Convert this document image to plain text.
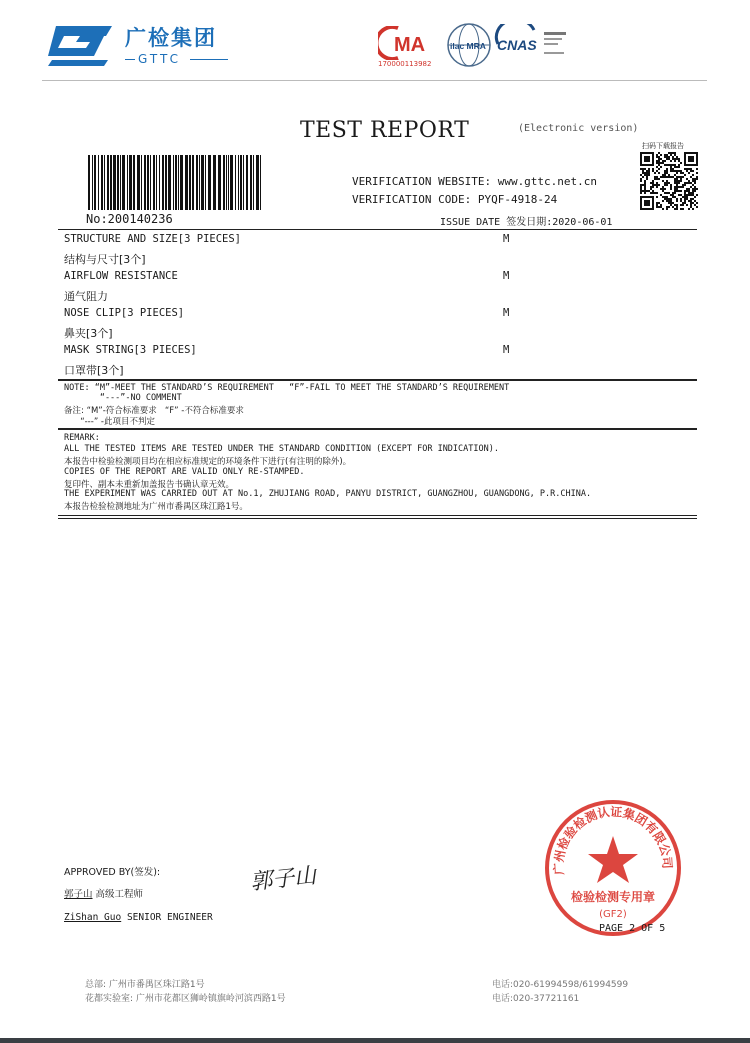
广检集团
GTTC
MA
170000113982
ilac MRA CNAS
TEST REPORT	(Electronic version)
扫码下载报告
No:200140236
VERIFICATION WEBSITE: www.gttc.net.cn
VERIFICATION CODE: PYQF-4918-24
ISSUE DATE 签发日期:2020-06-01
STRUCTURE AND SIZE[3 PIECES]	M
结构与尺寸[3个]
AIRFLOW RESISTANCE	M
通气阻力
NOSE CLIP[3 PIECES]	M
鼻夹[3个]
MASK STRING[3 PIECES]	M
口罩带[3个]
NOTE: “M”-MEET THE STANDARD’S REQUIREMENT   “F”-FAIL TO MEET THE STANDARD’S REQUIREMENT
“---”-NO COMMENT
备注: “M”-符合标准要求   “F” -不符合标准要求
“---” -此项目不判定
REMARK:
ALL THE TESTED ITEMS ARE TESTED UNDER THE STANDARD CONDITION (EXCEPT FOR INDICATION).
本报告中检验检测项目均在相应标准规定的环境条件下进行(有注明的除外)。
COPIES OF THE REPORT ARE VALID ONLY RE-STAMPED.
复印件、副本未重新加盖报告书确认章无效。
THE EXPERIMENT WAS CARRIED OUT AT No.1, ZHUJIANG ROAD, PANYU DISTRICT, GUANGZHOU, GUANGDONG, P.R.CHINA.
本报告检验检测地址为广州市番禺区珠江路1号。
APPROVED BY(签发):
郭子山 高级工程师
ZiShan Guo SENIOR ENGINEER
郭子山	广州检验检测认证集团有限公司
检验检测专用章
(GF2)
PAGE 2 OF 5
总部: 广州市番禺区珠江路1号
花都实验室: 广州市花都区狮岭镇旗岭河滨西路1号
电话:020-61994598/61994599
电话:020-37721161
